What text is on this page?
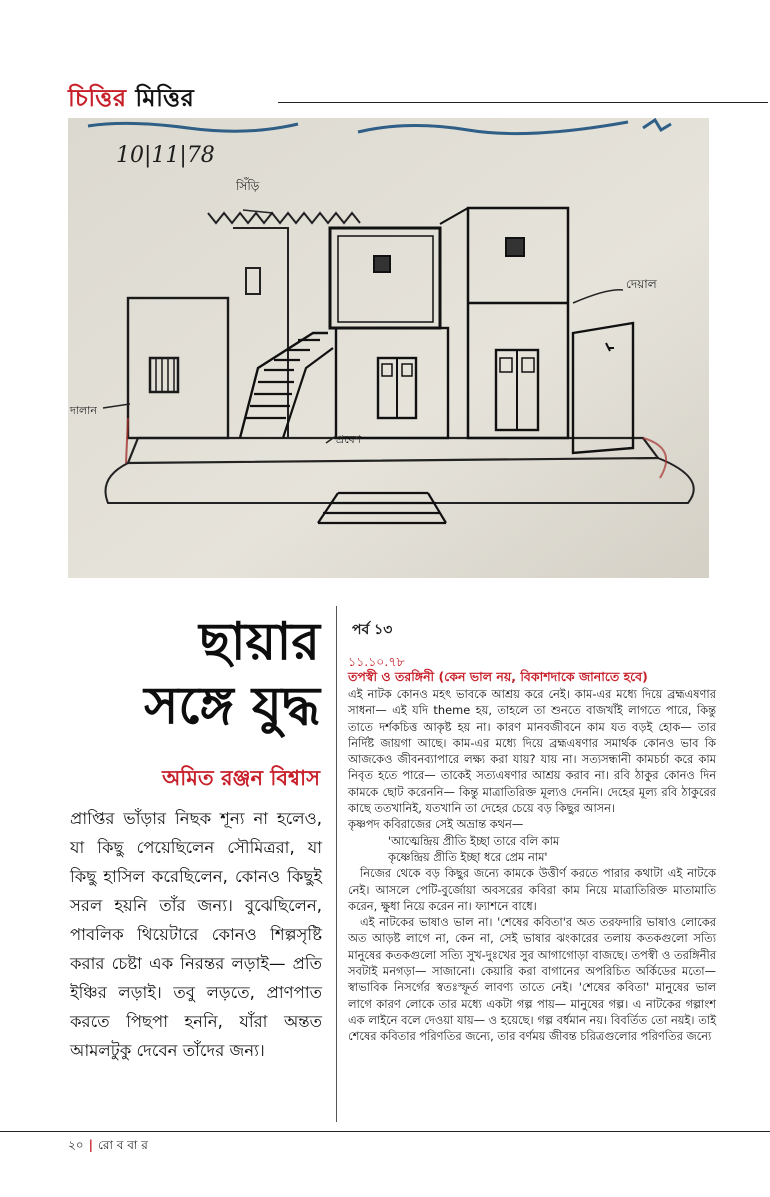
চিত্তির মিত্তির
10|11|78
সিঁড়ি
দেয়াল
দালান
প্রবেশ
ছায়ার
সঙ্গে যুদ্ধ
অমিত রঞ্জন বিশ্বাস
প্রাপ্তির ভাঁড়ার নিছক শূন্য না হলেও, যা কিছু পেয়েছিলেন সৌমিত্ররা, যা কিছু হাসিল করেছিলেন, কোনও কিছুই সরল হয়নি তাঁর জন্য। বুঝেছিলেন, পাবলিক থিয়েটারে কোনও শিল্পসৃষ্টি করার চেষ্টা এক নিরন্তর লড়াই— প্রতি ইঞ্চির লড়াই। তবু লড়তে, প্রাণপাত করতে পিছপা হননি, যাঁরা অন্তত আমলটুকু দেবেন তাঁদের জন্য।
পর্ব ১৩
১১.১০.৭৮
তপস্বী ও তরঙ্গিনী (কেন ভাল নয়, বিকাশদাকে জানাতে হবে)

এই নাটক কোনও মহৎ ভাবকে আশ্রয় করে নেই। কাম-এর মধ্যে দিয়ে ব্রহ্মএষণার সাধনা— এই যদি theme হয়, তাহলে তা শুনতে বাজখাঁই লাগতে পারে, কিন্তু তাতে দর্শকচিত্ত আকৃষ্ট হয় না। কারণ মানবজীবনে কাম যত বড়ই হোক— তার নির্দিষ্ট জায়গা আছে। কাম-এর মধ্যে দিয়ে ব্রহ্মএষণার সমার্থক কোনও ভাব কি আজকেও জীবনব্যাপারে লক্ষ্য করা যায়? যায় না। সত্যসন্ধানী কামচর্চা করে কাম নিবৃত হতে পারে— তাকেই সত্যএষণার আশ্রয় করাব না। রবি ঠাকুর কোনও দিন কামকে ছোট করেননি— কিন্তু মাত্রাতিরিক্ত মূল্যও দেননি। দেহের মূল্য রবি ঠাকুরের কাছে ততখানিই, যতখানি তা দেহের চেয়ে বড় কিছুর আসন।

কৃষ্ণপদ কবিরাজের সেই অভ্রান্ত কথন—

'আত্মেন্দ্রিয় প্রীতি ইচ্ছা তারে বলি কাম

কৃষ্ণেন্দ্রিয় প্রীতি ইচ্ছা ধরে প্রেম নাম'

নিজের থেকে বড় কিছুর জন্যে কামকে উত্তীর্ণ করতে পারার কথাটা এই নাটকে নেই। আসলে পেটি-বুর্জোয়া অবসরের কবিরা কাম নিয়ে মাত্রাতিরিক্ত মাতামাতি করেন, ক্ষুধা নিয়ে করেন না। ফ্যাশনে বাধে।

এই নাটকের ভাষাও ভাল না। 'শেষের কবিতা'র অত তরফদারি ভাষাও লোকের অত আড়ষ্ট লাগে না, কেন না, সেই ভাষার ঝংকারের তলায় কতকগুলো সত্যি মানুষের কতকগুলো সত্যি সুখ-দুঃখের সুর আগাগোড়া বাজছে। তপস্বী ও তরঙ্গিনীর সবটাই মনগড়া— সাজানো। কেয়ারি করা বাগানের অপরিচিত অর্কিডের মতো— স্বাভাবিক নিসর্গের স্বতঃস্ফূর্ত লাবণ্য তাতে নেই। 'শেষের কবিতা' মানুষের ভাল লাগে কারণ লোকে তার মধ্যে একটা গল্প পায়— মানুষের গল্প। এ নাটকের গল্পাংশ এক লাইনে বলে দেওয়া যায়— ও হয়েছে। গল্প বর্ধমান নয়। বিবর্তিত তো নয়ই। তাই শেষের কবিতার পরিণতির জন্যে, তার বর্ণময় জীবন্ত চরিত্রগুলোর পরিণতির জন্যে

২০ | রো ব বা র
